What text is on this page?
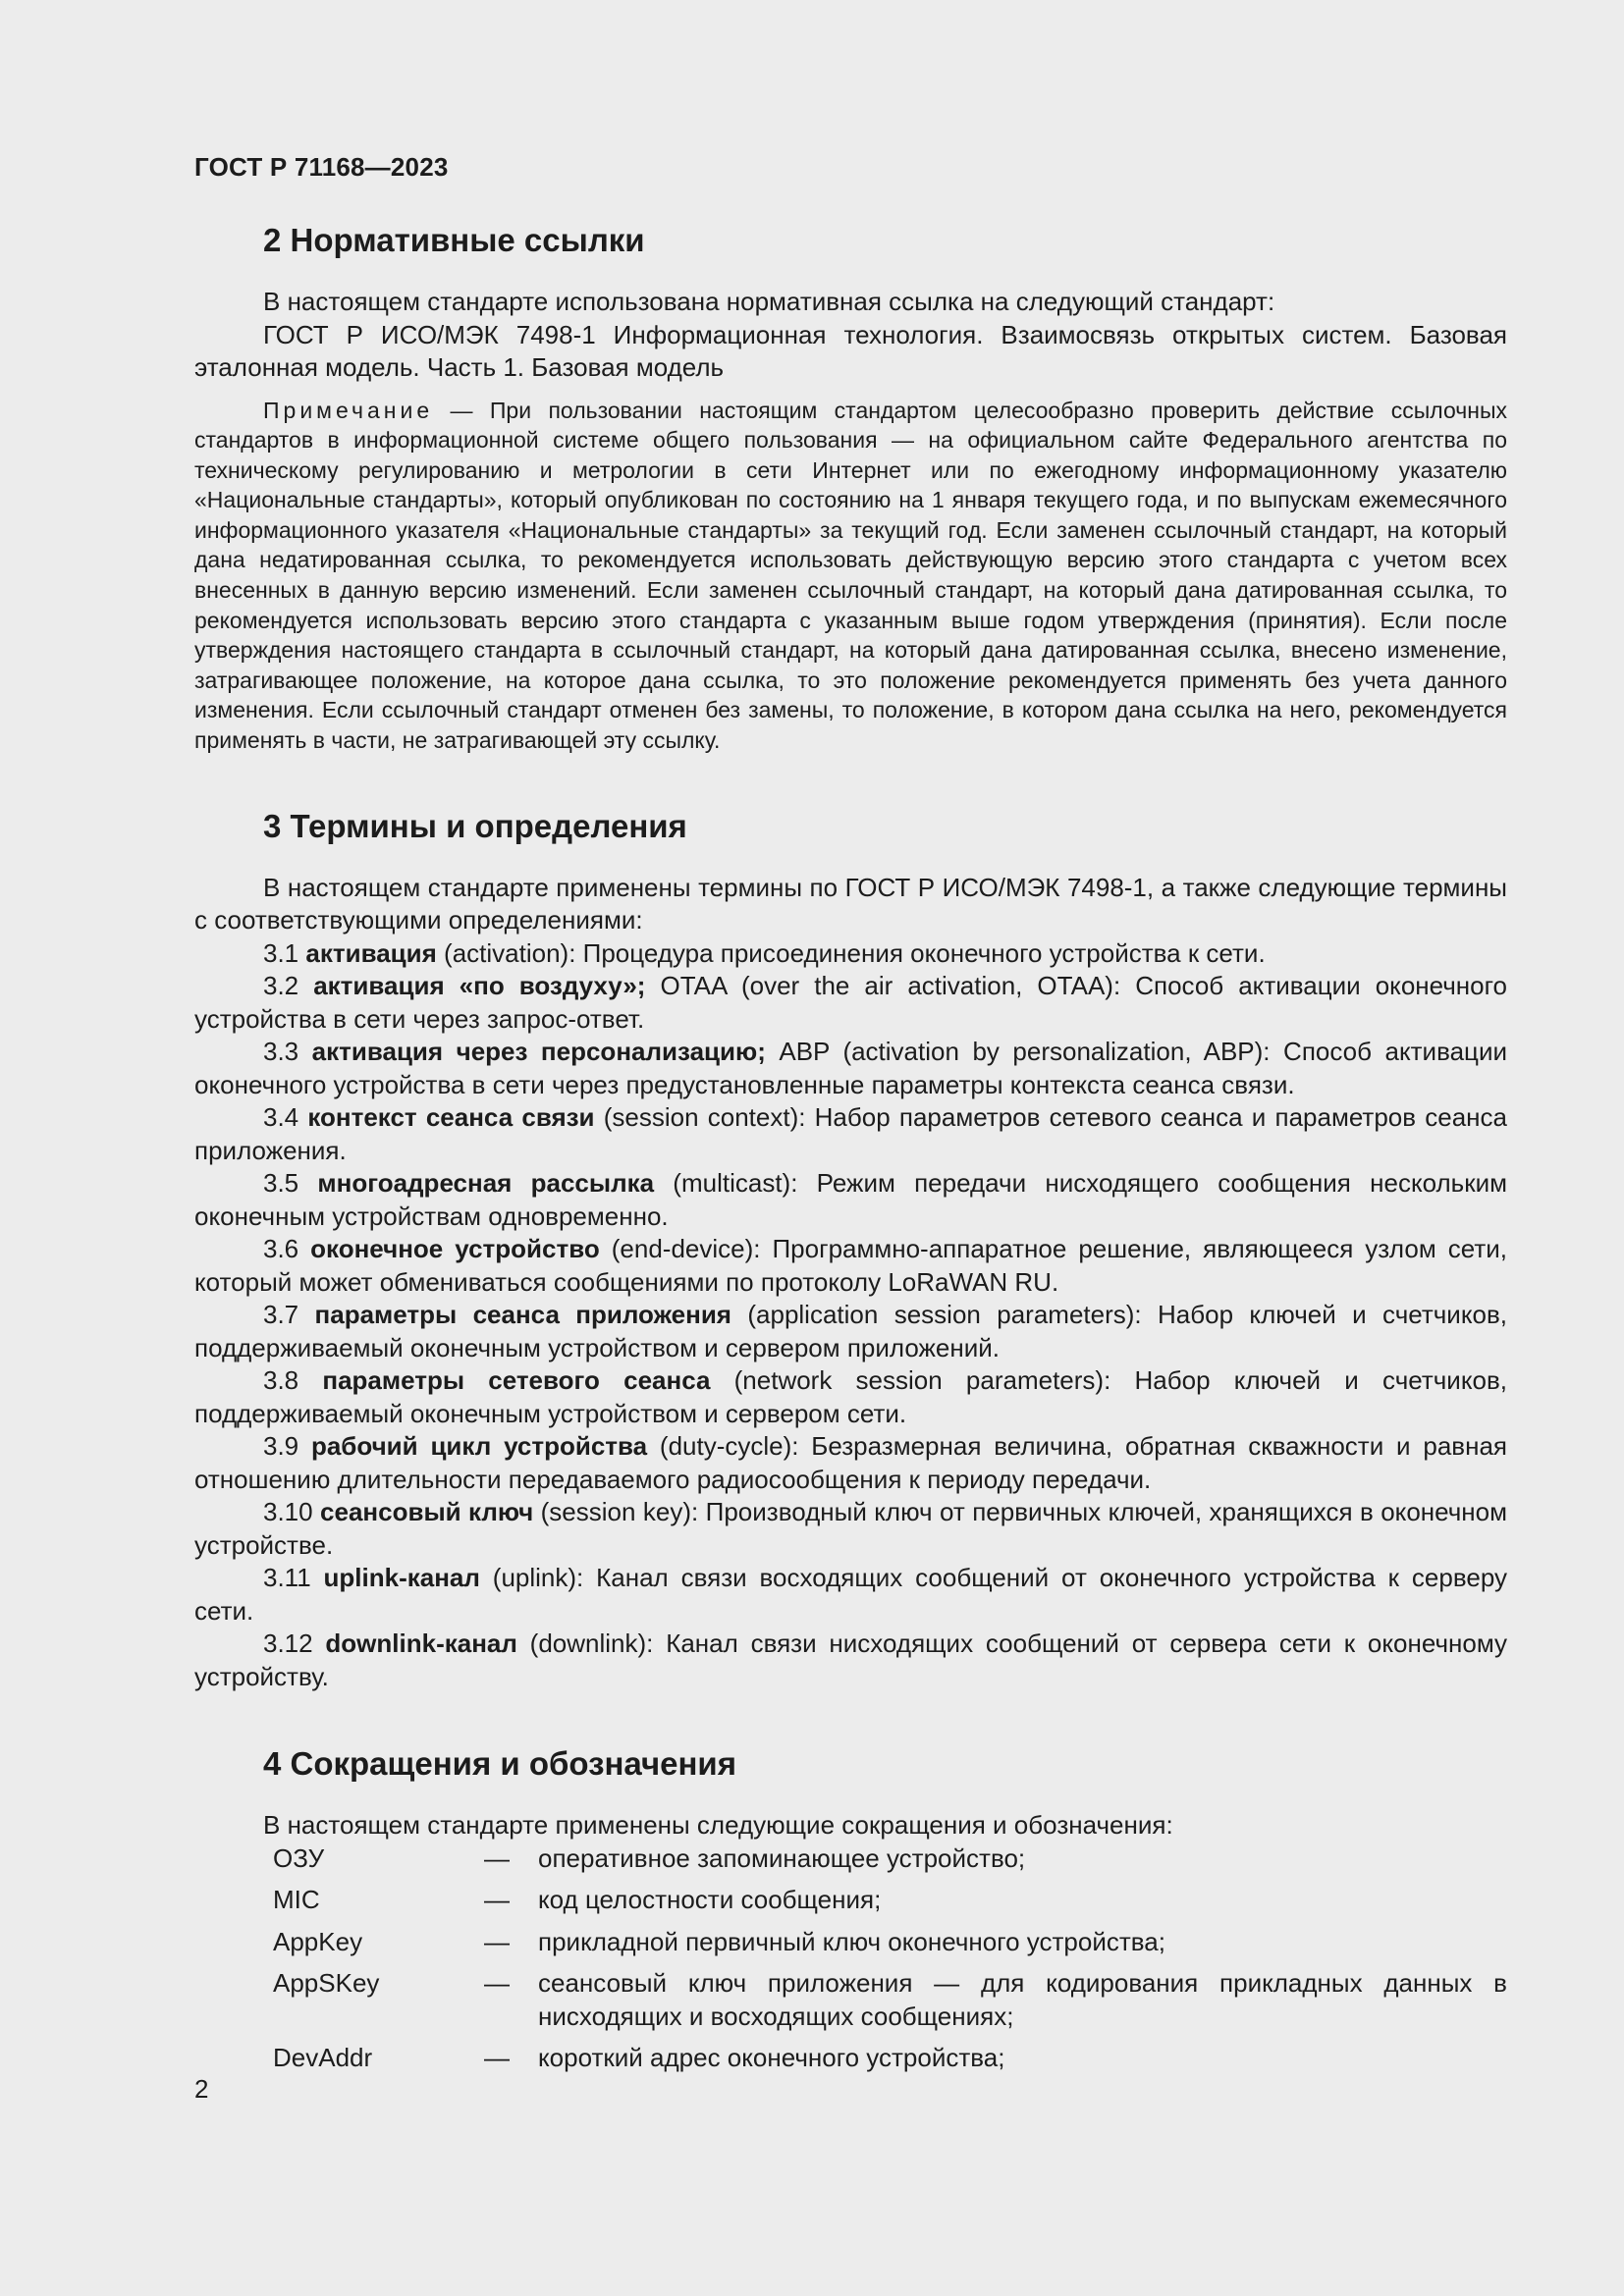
ГОСТ Р 71168—2023
2 Нормативные ссылки

В настоящем стандарте использована нормативная ссылка на следующий стандарт:

ГОСТ Р ИСО/МЭК 7498-1 Информационная технология. Взаимосвязь открытых систем. Базовая эталонная модель. Часть 1. Базовая модель

Примечание — При пользовании настоящим стандартом целесообразно проверить действие ссылочных стандартов в информационной системе общего пользования — на официальном сайте Федерального агентства по техническому регулированию и метрологии в сети Интернет или по ежегодному информационному указателю «Национальные стандарты», который опубликован по состоянию на 1 января текущего года, и по выпускам ежемесячного информационного указателя «Национальные стандарты» за текущий год. Если заменен ссылочный стандарт, на который дана недатированная ссылка, то рекомендуется использовать действующую версию этого стандарта с учетом всех внесенных в данную версию изменений. Если заменен ссылочный стандарт, на который дана датированная ссылка, то рекомендуется использовать версию этого стандарта с указанным выше годом утверждения (принятия). Если после утверждения настоящего стандарта в ссылочный стандарт, на который дана датированная ссылка, внесено изменение, затрагивающее положение, на которое дана ссылка, то это положение рекомендуется применять без учета данного изменения. Если ссылочный стандарт отменен без замены, то положение, в котором дана ссылка на него, рекомендуется применять в части, не затрагивающей эту ссылку.

3 Термины и определения

В настоящем стандарте применены термины по ГОСТ Р ИСО/МЭК 7498-1, а также следующие термины с соответствующими определениями:

3.1 активация (activation): Процедура присоединения оконечного устройства к сети.

3.2 активация «по воздуху»; OTAA (over the air activation, OTAA): Способ активации оконечного устройства в сети через запрос-ответ.

3.3 активация через персонализацию; ABP (activation by personalization, ABP): Способ активации оконечного устройства в сети через предустановленные параметры контекста сеанса связи.

3.4 контекст сеанса связи (session context): Набор параметров сетевого сеанса и параметров сеанса приложения.

3.5 многоадресная рассылка (multicast): Режим передачи нисходящего сообщения нескольким оконечным устройствам одновременно.

3.6 оконечное устройство (end-device): Программно-аппаратное решение, являющееся узлом сети, который может обмениваться сообщениями по протоколу LoRaWAN RU.

3.7 параметры сеанса приложения (application session parameters): Набор ключей и счетчиков, поддерживаемый оконечным устройством и сервером приложений.

3.8 параметры сетевого сеанса (network session parameters): Набор ключей и счетчиков, поддерживаемый оконечным устройством и сервером сети.

3.9 рабочий цикл устройства (duty-cycle): Безразмерная величина, обратная скважности и равная отношению длительности передаваемого радиосообщения к периоду передачи.

3.10 сеансовый ключ (session key): Производный ключ от первичных ключей, хранящихся в оконечном устройстве.

3.11 uplink-канал (uplink): Канал связи восходящих сообщений от оконечного устройства к серверу сети.

3.12 downlink-канал (downlink): Канал связи нисходящих сообщений от сервера сети к оконечному устройству.

4 Сокращения и обозначения

В настоящем стандарте применены следующие сокращения и обозначения:

ОЗУ	—	оперативное запоминающее устройство;
MIC	—	код целостности сообщения;
AppKey	—	прикладной первичный ключ оконечного устройства;
AppSKey	—	сеансовый ключ приложения — для кодирования прикладных данных в нисходящих и восходящих сообщениях;
DevAddr	—	короткий адрес оконечного устройства;
2
